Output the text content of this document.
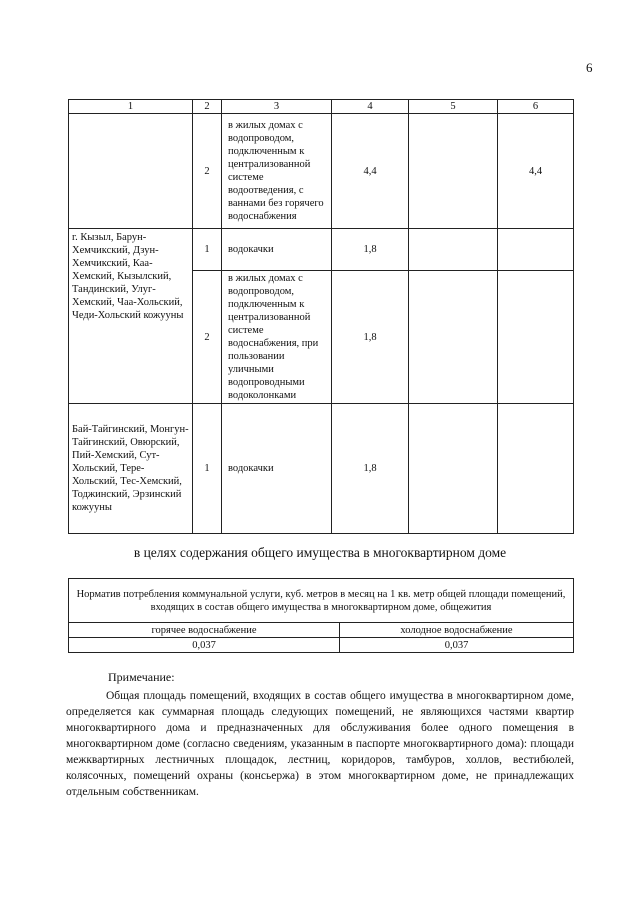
6
1	2	3	4	5	6
	2	в жилых домах с водопроводом, подключенным к централизованной системе водоотведения, с ваннами без горячего водоснабжения	4,4		4,4
г. Кызыл, Барун-Хемчикский, Дзун-Хемчикский, Каа-Хемский, Кызылский, Тандинский, Улуг-Хемский, Чаа-Хольский, Чеди-Хольский кожууны	1	водокачки	1,8		
	2	в жилых домах с водопроводом, подключенным к централизованной системе водоснабжения, при пользовании уличными водопроводными водоколонками	1,8		
Бай-Тайгинский, Монгун-Тайгинский, Овюрский, Пий-Хемский, Сут-Хольский, Тере-Хольский, Тес-Хемский, Тоджинский, Эрзинский кожууны	1	водокачки	1,8		
в целях содержания общего имущества в многоквартирном доме
Норматив потребления коммунальной услуги, куб. метров в месяц на 1 кв. метр общей площади помещений, входящих в состав общего имущества в многоквартирном доме, общежития	
горячее водоснабжение	холодное водоснабжение
0,037	0,037
Примечание:

Общая площадь помещений, входящих в состав общего имущества в многоквартирном доме, определяется как суммарная площадь следующих помещений, не являющихся частями квартир многоквартирного дома и предназначенных для обслуживания более одного помещения в многоквартирном доме (согласно сведениям, указанным в паспорте многоквартирного дома): площади межквартирных лестничных площадок, лестниц, коридоров, тамбуров, холлов, вестибюлей, колясочных, помещений охраны (консьержа) в этом многоквартирном доме, не принадлежащих отдельным собственникам.
